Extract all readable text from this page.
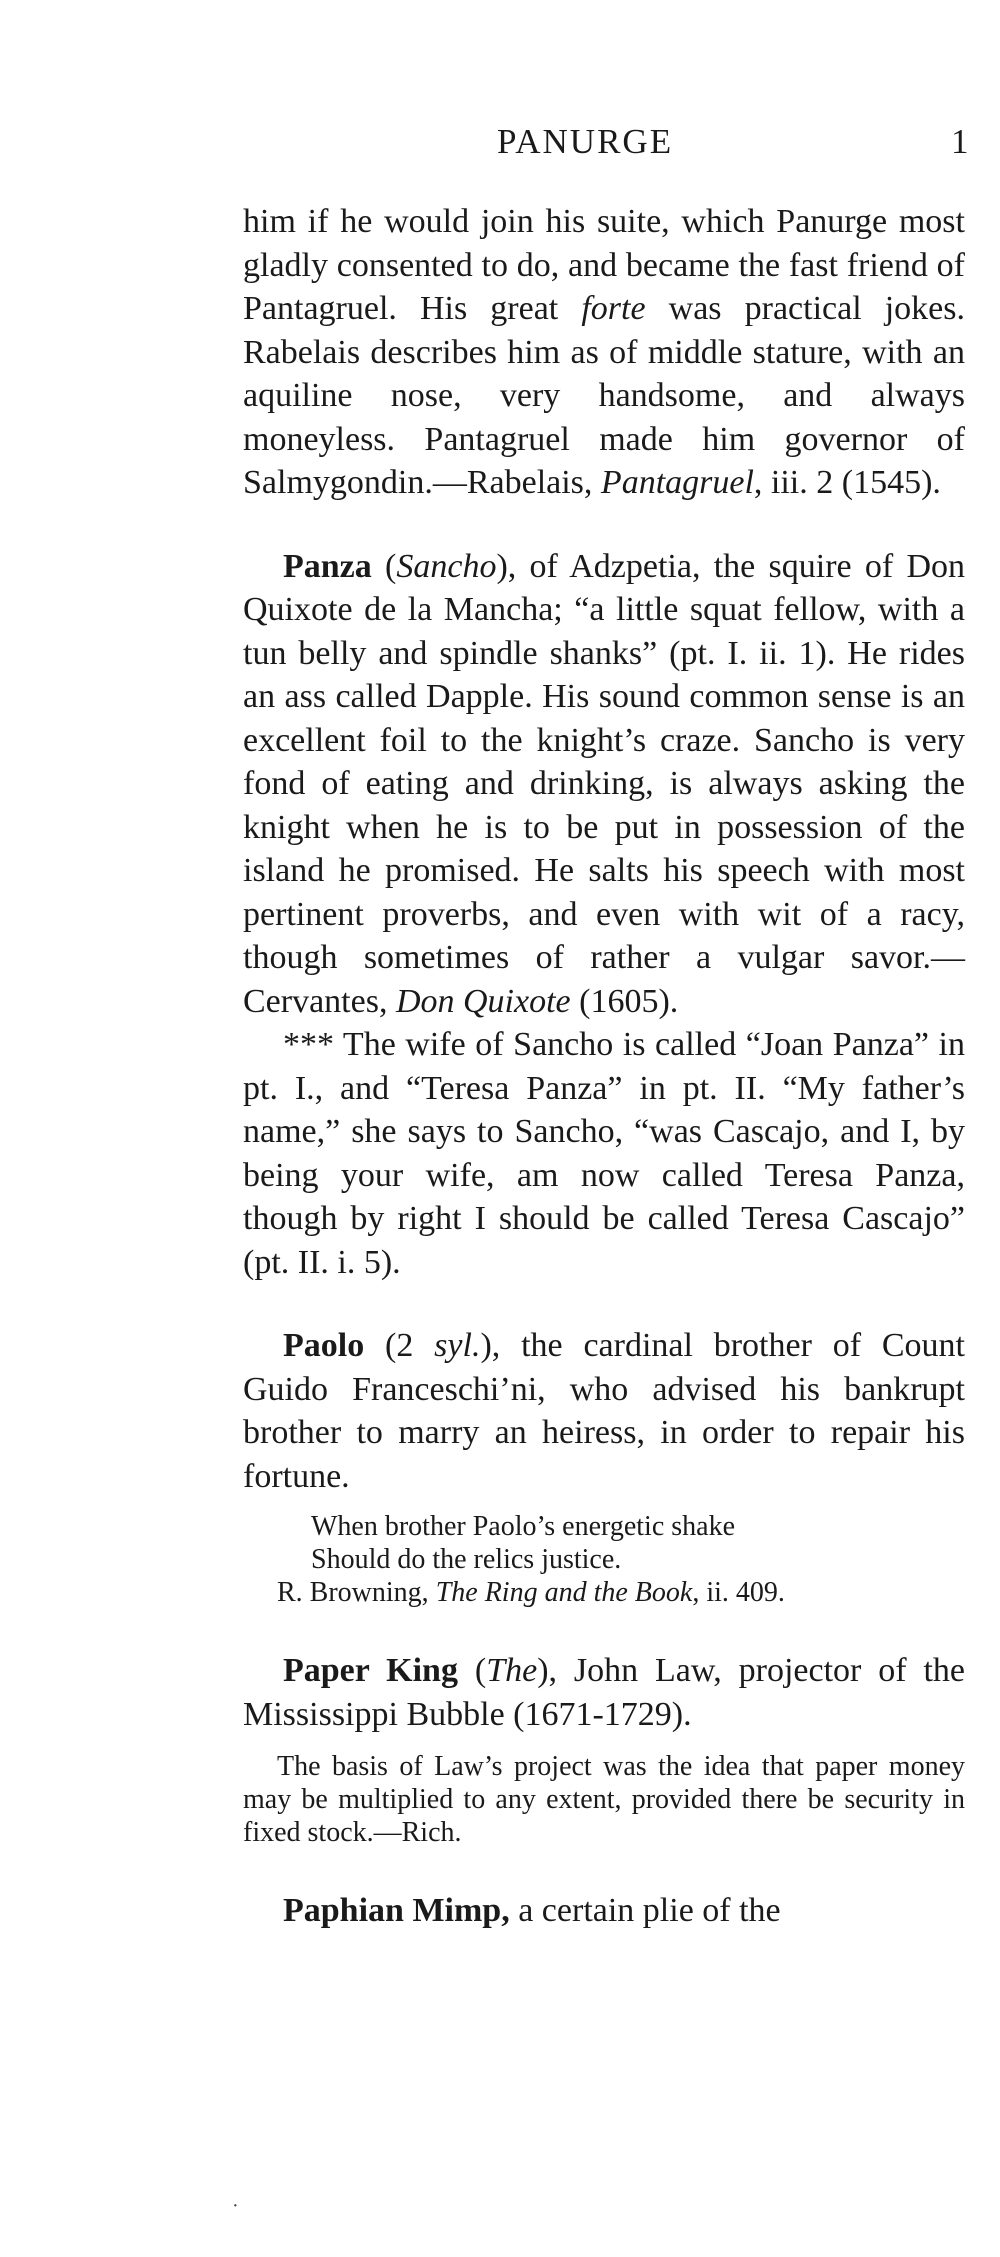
PANURGE	1

him if he would join his suite, which Panurge most gladly consented to do, and became the fast friend of Pantagruel. His great forte was practical jokes. Rabelais describes him as of middle stature, with an aquiline nose, very handsome, and always moneyless. Pantagruel made him governor of Salmygondin.—Rabelais, Pantagruel, iii. 2 (1545).

Panza (Sancho), of Adzpetia, the squire of Don Quixote de la Mancha; “a little squat fellow, with a tun belly and spindle shanks” (pt. I. ii. 1). He rides an ass called Dapple. His sound common sense is an excellent foil to the knight’s craze. Sancho is very fond of eating and drinking, is always asking the knight when he is to be put in possession of the island he promised. He salts his speech with most pertinent proverbs, and even with wit of a racy, though sometimes of rather a vulgar savor.—Cervantes, Don Quixote (1605).

*** The wife of Sancho is called “Joan Panza” in pt. I., and “Teresa Panza” in pt. II. “My father’s name,” she says to Sancho, “was Cascajo, and I, by being your wife, am now called Teresa Panza, though by right I should be called Teresa Cascajo” (pt. II. i. 5).

Paolo (2 syl.), the cardinal brother of Count Guido Franceschi’ni, who advised his bankrupt brother to marry an heiress, in order to repair his fortune.

When brother Paolo’s energetic shake
Should do the relics justice.
R. Browning, The Ring and the Book, ii. 409.

Paper King (The), John Law, projector of the Mississippi Bubble (1671-1729).

The basis of Law’s project was the idea that paper money may be multiplied to any extent, provided there be security in fixed stock.—Rich.

Paphian Mimp, a certain plie of the

·
